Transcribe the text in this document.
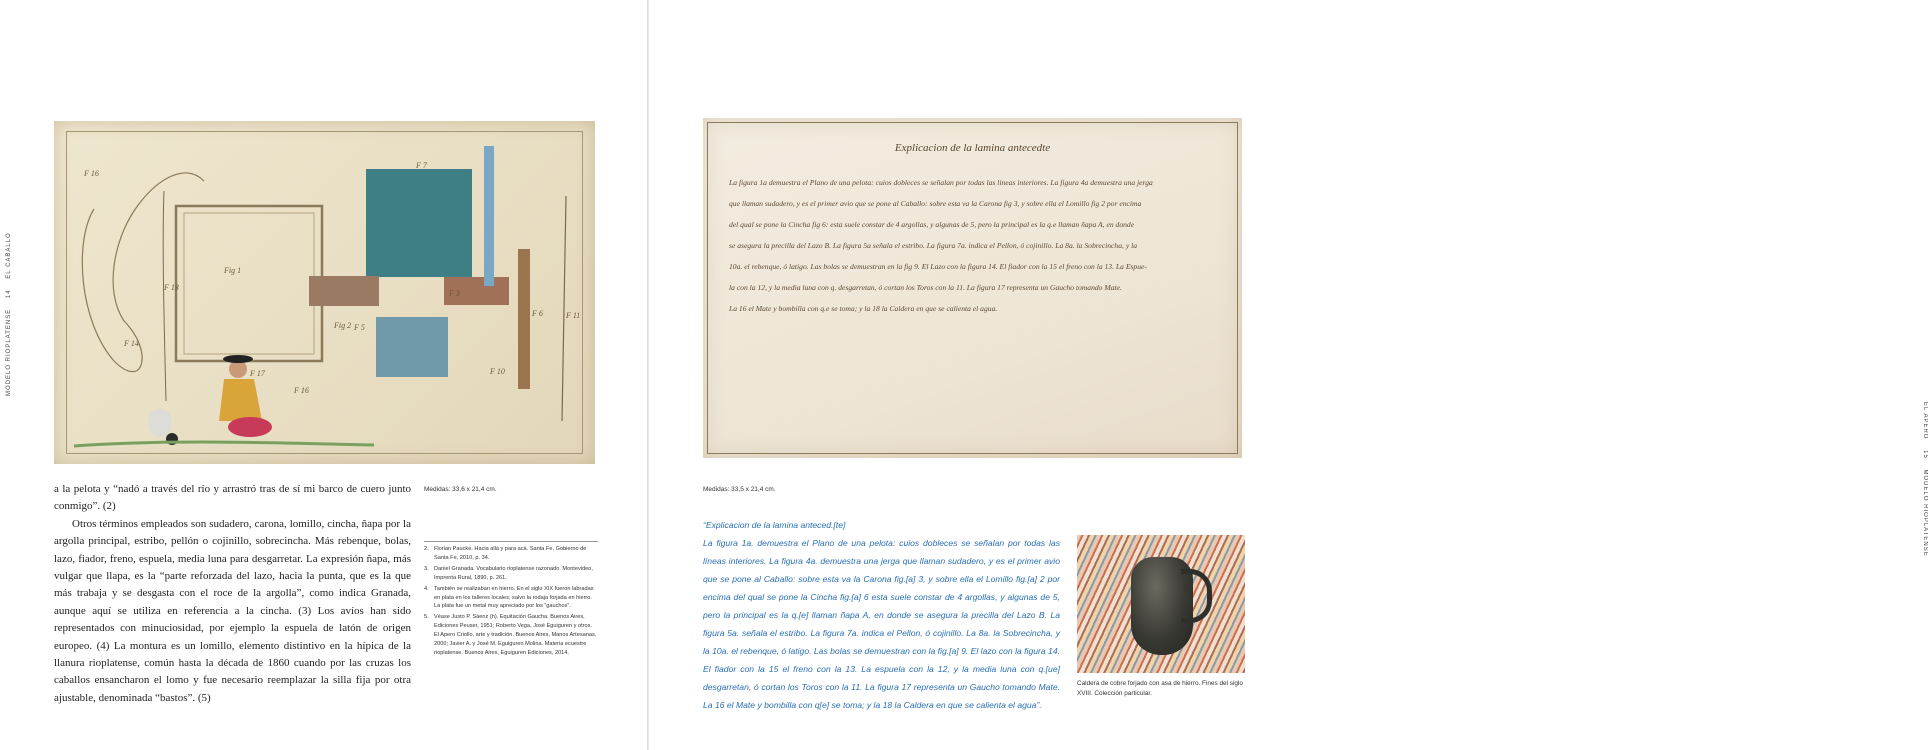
MODELO RIOPLATENSE 14 EL CABALLO
F 16
Fig 1
F 7
F 3
F 13
F 14
F 5
F 6	F 11
F 10
F 17
F 16
Fig 2
Medidas: 33,6 x 21,4 cm.

a la pelota y “nadó a través del río y arrastró tras de sí mi barco de cuero junto conmigo”. (2)

Otros términos empleados son sudadero, carona, lomillo, cincha, ñapa por la argolla principal, estribo, pellón o cojinillo, sobrecincha. Más rebenque, bolas, lazo, fiador, freno, espuela, media luna para desgarretar. La expresión ñapa, más vulgar que llapa, es la “parte reforzada del lazo, hacia la punta, que es la que más trabaja y se desgasta con el roce de la argolla”, como indica Granada, aunque aquí se utiliza en referencia a la cincha. (3) Los avíos han sido representados con minuciosidad, por ejemplo la espuela de latón de origen europeo. (4) La montura es un lomillo, elemento distintivo en la hípica de la llanura rioplatense, común hasta la década de 1860 cuando por las cruzas los caballos ensancharon el lomo y fue necesario reemplazar la silla fija por otra ajustable, denominada “bastos”. (5)

2. Florian Paucke. Hacia allá y para acá. Santa Fe, Gobierno de Santa Fe, 2010, p. 34.
3. Daniel Granada. Vocabulario rioplatense razonado. Montevideo, Imprenta Rural, 1890, p. 261.
4. También se realizaban en hierro. En el siglo XIX fueron labradas en plata en los talleres locales; salvo la rodaja forjada en hierro. La plata fue un metal muy apreciado por los “gauchos”.
5. Véase Justo P. Sáenz (h). Equitación Gaucha. Buenos Aires, Ediciones Peuser, 1951; Roberto Vega, José Eguiguren y otros. El Apero Criollo, arte y tradición. Buenos Aires, Manos Artesanas, 2000; Javier A. y José M. Eguiguren Molina. Materia ecuestre rioplatense. Buenos Aires, Eguiguren Ediciones, 2014.
Explicacion de la lamina antecedte
La figura 1a demuestra el Plano de una pelota: cuios dobleces se señalan por todas las lineas interiores. La figura 4a demuestra una jerga
que llaman sudadero, y es el primer avio que se pone al Caballo: sobre esta va la Carona fig 3, y sobre ella el Lomillo fig 2 por encima
del qual se pone la Cincha fig 6: esta suele constar de 4 argollas, y algunas de 5, pero la principal es la q.e llaman ñapa A, en donde
se asegura la precilla del Lazo B. La figura 5a señala el estribo. La figura 7a. indica el Pellon, ó cojinillo. La 8a. la Sobrecincha, y la
10a. el rebenque, ó latigo. Las bolas se demuestran en la fig 9. El Lazo con la figura 14. El fiador con la 15 el freno con la 13. La Espue-
la con la 12, y la media luna con q. desgarretan, ó cortan los Toros con la 11. La figura 17 representa un Gaucho tomando Mate.
La 16 el Mate y bombilla con q.e se toma; y la 18 la Caldera en que se calienta el agua.
Medidas: 33,5 x 21,4 cm.
“Explicacion de la lamina anteced.[te]
La figura 1a. demuestra el Plano de una pelota: cuios dobleces se señalan por todas las líneas interiores. La figura 4a. demuestra una jerga que llaman sudadero, y es el primer avio que se pone al Caballo: sobre esta va la Carona fig.[a] 3, y sobre ella el Lomillo fig.[a] 2 por encima del qual se pone la Cincha fig.[a] 6 esta suele constar de 4 argollas, y algunas de 5, pero la principal es la q.[e] llaman ñapa A, en donde se asegura la precilla del Lazo B. La figura 5a. señala el estribo. La figura 7a. indica el Pellon, ó cojinillo. La 8a. la Sobrecincha, y la 10a. el rebenque, ó latigo. Las bolas se demuestran con la fig.[a] 9. El lazo con la figura 14. El fiador con la 15 el freno con la 13. La espuela con la 12, y la media luna con q.[ue] desgarretan, ó cortan los Toros con la 11. La figura 17 representa un Gaucho tomando Mate. La 16 el Mate y bombilla con q[e] se toma; y la 18 la Caldera en que se calienta el agua”.
Caldera de cobre forjado con asa de hierro. Fines del siglo XVIII. Colección particular.
EL APERO 15 MODELO RIOPLATENSE
